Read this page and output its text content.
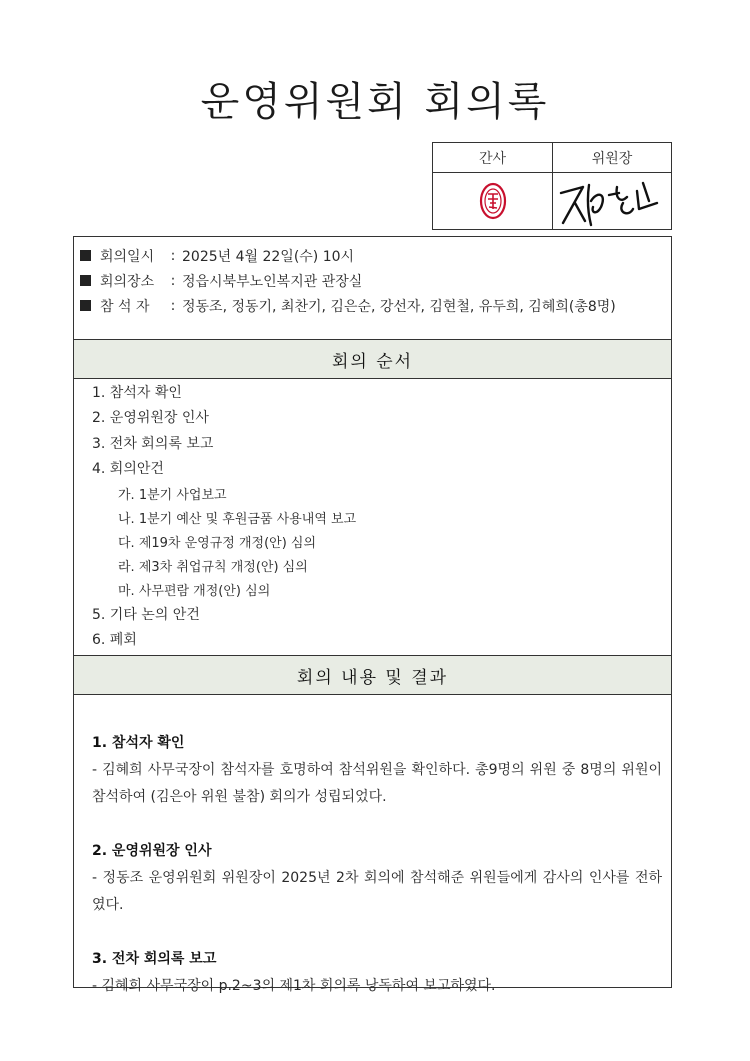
운영위원회 회의록
간사	위원장
회의일시	: 2025년 4월 22일(수) 10시
회의장소	: 정읍시북부노인복지관 관장실
참 석 자	: 정동조, 정동기, 최찬기, 김은순, 강선자, 김현철, 유두희, 김혜희(총8명)
회의 순서
1. 참석자 확인
2. 운영위원장 인사
3. 전차 회의록 보고
4. 회의안건
가. 1분기 사업보고
나. 1분기 예산 및 후원금품 사용내역 보고
다. 제19차 운영규정 개정(안) 심의
라. 제3차 취업규칙 개정(안) 심의
마. 사무편람 개정(안) 심의
5. 기타 논의 안건
6. 폐회
회의 내용 및 결과
1. 참석자 확인
- 김혜희 사무국장이 참석자를 호명하여 참석위원을 확인하다. 총9명의 위원 중 8명의 위원이 참석하여 (김은아 위원 불참) 회의가 성립되었다.
2. 운영위원장 인사
- 정동조 운영위원회 위원장이 2025년 2차 회의에 참석해준 위원들에게 감사의 인사를 전하였다.
3. 전차 회의록 보고
- 김혜희 사무국장이 p.2~3의 제1차 회의록 낭독하여 보고하였다.
